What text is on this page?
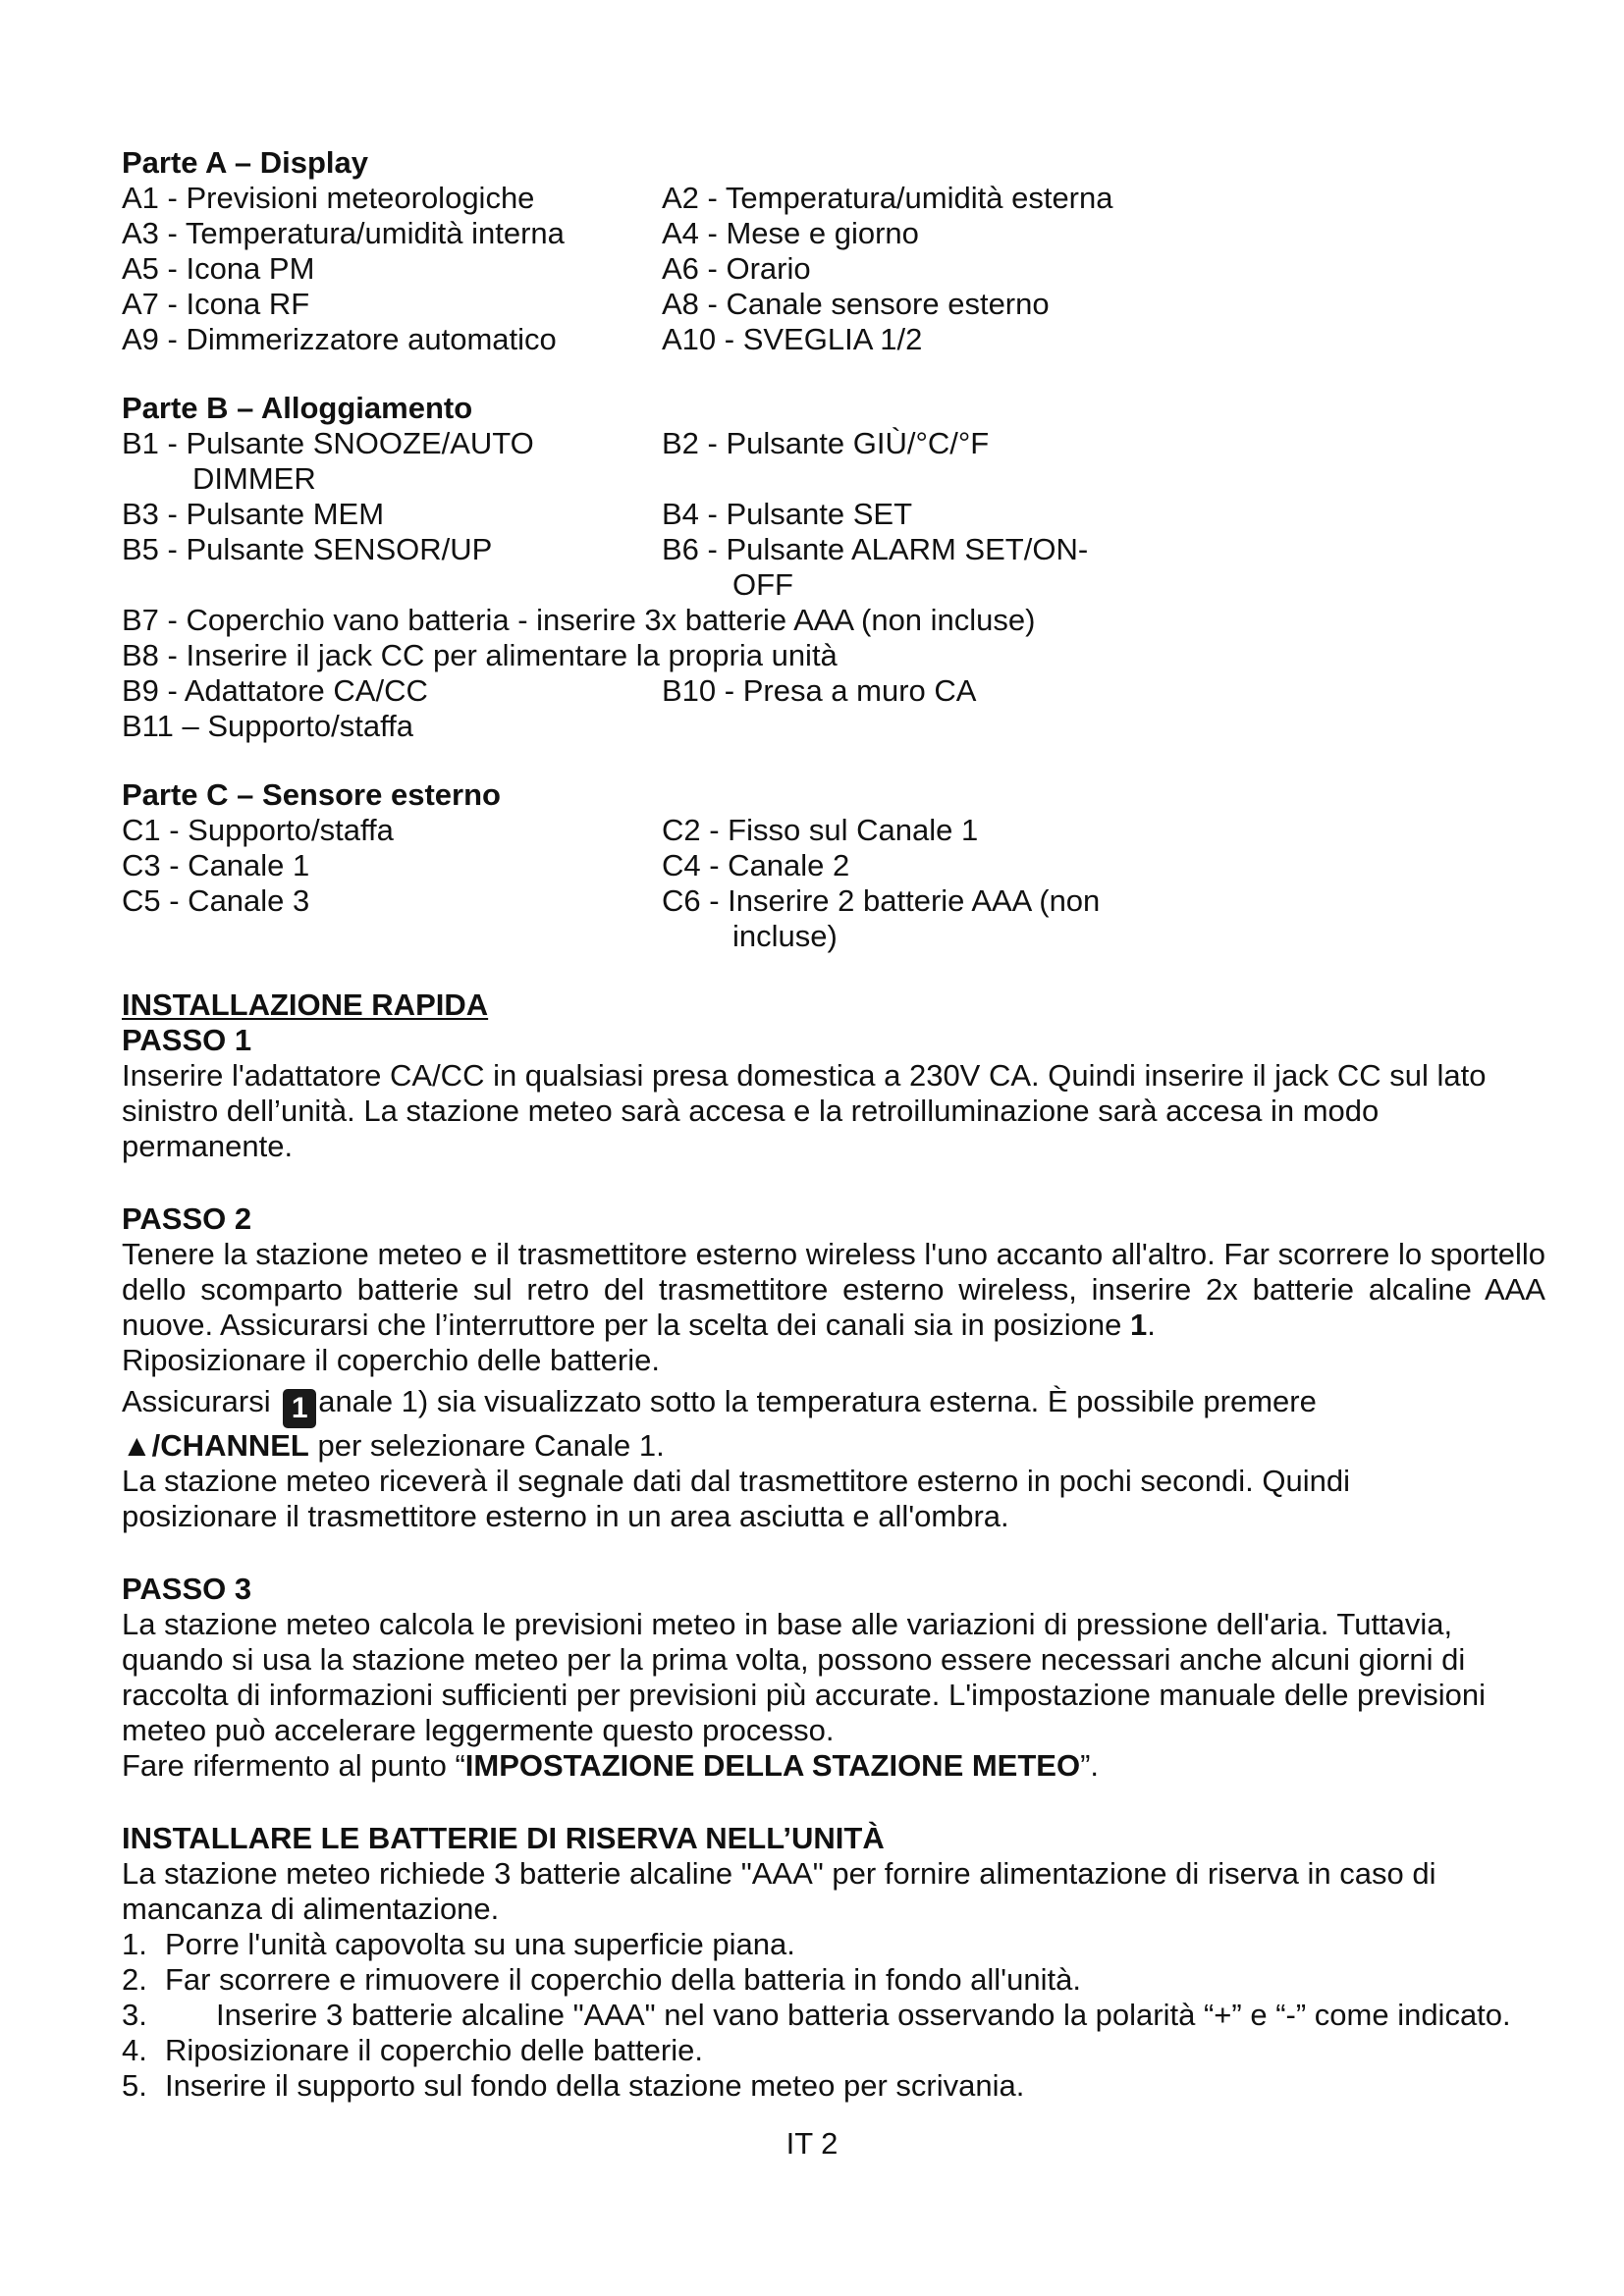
Parte A – Display
A1 - Previsioni meteorologiche	A2 - Temperatura/umidità esterna
A3 - Temperatura/umidità interna	A4 - Mese e giorno
A5 - Icona PM	A6 - Orario
A7 - Icona RF	A8 - Canale sensore esterno
A9 - Dimmerizzatore automatico	A10 - SVEGLIA 1/2
Parte B – Alloggiamento
B1 - Pulsante SNOOZE/AUTO	B2 - Pulsante GIÙ/°C/°F
DIMMER
B3 - Pulsante MEM	B4 - Pulsante SET
B5 - Pulsante SENSOR/UP	B6 - Pulsante ALARM SET/ON-
OFF
B7 - Coperchio vano batteria - inserire 3x batterie AAA (non incluse)
B8 - Inserire il jack CC per alimentare la propria unità
B9 - Adattatore CA/CC	B10 - Presa a muro CA
B11 – Supporto/staffa
Parte C – Sensore esterno
C1 - Supporto/staffa	C2 - Fisso sul Canale 1
C3 - Canale 1	C4 - Canale 2
C5 - Canale 3	C6 - Inserire 2 batterie AAA (non
incluse)
INSTALLAZIONE RAPIDA
PASSO 1
Inserire l'adattatore CA/CC in qualsiasi presa domestica a 230V CA. Quindi inserire il jack CC sul lato
sinistro dell’unità. La stazione meteo sarà accesa e la retroilluminazione sarà accesa in modo
permanente.
PASSO 2
Tenere la stazione meteo e il trasmettitore esterno wireless l'uno accanto all'altro. Far scorrere lo sportello dello scomparto batterie sul retro del trasmettitore esterno wireless, inserire 2x batterie alcaline AAA nuove. Assicurarsi che l’interruttore per la scelta dei canali sia in posizione 1.
Riposizionare il coperchio delle batterie.
Assicurarsi 1 anale 1) sia visualizzato sotto la temperatura esterna. È possibile premere
▲/CHANNEL per selezionare Canale 1.
La stazione meteo riceverà il segnale dati dal trasmettitore esterno in pochi secondi. Quindi
posizionare il trasmettitore esterno in un area asciutta e all'ombra.
PASSO 3
La stazione meteo calcola le previsioni meteo in base alle variazioni di pressione dell'aria. Tuttavia,
quando si usa la stazione meteo per la prima volta, possono essere necessari anche alcuni giorni di
raccolta di informazioni sufficienti per previsioni più accurate. L'impostazione manuale delle previsioni
meteo può accelerare leggermente questo processo.
Fare rifermento al punto “IMPOSTAZIONE DELLA STAZIONE METEO”.
INSTALLARE LE BATTERIE DI RISERVA NELL’UNITÀ
La stazione meteo richiede 3 batterie alcaline "AAA" per fornire alimentazione di riserva in caso di
mancanza di alimentazione.
1. Porre l'unità capovolta su una superficie piana.
2. Far scorrere e rimuovere il coperchio della batteria in fondo all'unità.
3.	Inserire 3 batterie alcaline "AAA" nel vano batteria osservando la polarità “+” e “-” come indicato.
4. Riposizionare il coperchio delle batterie.
5. Inserire il supporto sul fondo della stazione meteo per scrivania.
IT 2
